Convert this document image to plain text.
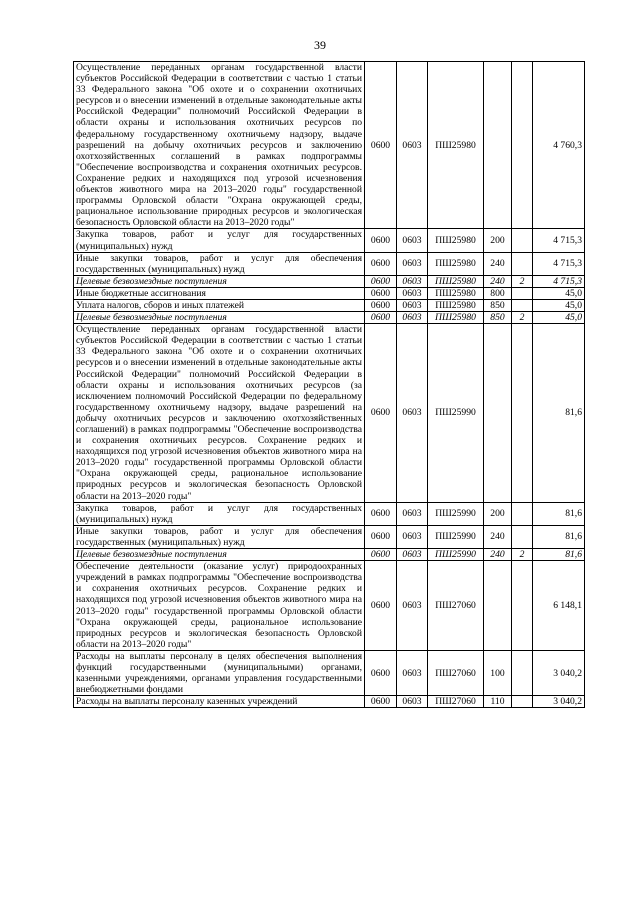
39
Осуществление переданных органам государственной власти субъектов Российской Федерации в соответствии с частью 1 статьи 33 Федерального закона "Об охоте и о сохранении охотничьих ресурсов и о внесении изменений в отдельные законодательные акты Российской Федерации" полномочий Российской Федерации в области охраны и использования охотничьих ресурсов по федеральному государственному охотничьему надзору, выдаче разрешений на добычу охотничьих ресурсов и заключению охотхозяйственных соглашений в рамках подпрограммы "Обеспечение воспроизводства и сохранения охотничьих ресурсов. Сохранение редких и находящихся под угрозой исчезновения объектов животного мира на 2013–2020 годы" государственной программы Орловской области "Охрана окружающей среды, рациональное использование природных ресурсов и экологическая безопасность Орловской области на 2013–2020 годы"	0600	0603	ПШ25980			4 760,3
Закупка товаров, работ и услуг для государственных (муниципальных) нужд	0600	0603	ПШ25980	200		4 715,3
Иные закупки товаров, работ и услуг для обеспечения государственных (муниципальных) нужд	0600	0603	ПШ25980	240		4 715,3
Целевые безвозмездные поступления	0600	0603	ПШ25980	240	2	4 715,3
Иные бюджетные ассигнования	0600	0603	ПШ25980	800		45,0
Уплата налогов, сборов и иных платежей	0600	0603	ПШ25980	850		45,0
Целевые безвозмездные поступления	0600	0603	ПШ25980	850	2	45,0
Осуществление переданных органам государственной власти субъектов Российской Федерации в соответствии с частью 1 статьи 33 Федерального закона "Об охоте и о сохранении охотничьих ресурсов и о внесении изменений в отдельные законодательные акты Российской Федерации" полномочий Российской Федерации в области охраны и использования охотничьих ресурсов (за исключением полномочий Российской Федерации по федеральному государственному охотничьему надзору, выдаче разрешений на добычу охотничьих ресурсов и заключению охотхозяйственных соглашений) в рамках подпрограммы "Обеспечение воспроизводства и сохранения охотничьих ресурсов. Сохранение редких и находящихся под угрозой исчезновения объектов животного мира на 2013–2020 годы" государственной программы Орловской области "Охрана окружающей среды, рациональное использование природных ресурсов и экологическая безопасность Орловской области на 2013–2020 годы"	0600	0603	ПШ25990			81,6
Закупка товаров, работ и услуг для государственных (муниципальных) нужд	0600	0603	ПШ25990	200		81,6
Иные закупки товаров, работ и услуг для обеспечения государственных (муниципальных) нужд	0600	0603	ПШ25990	240		81,6
Целевые безвозмездные поступления	0600	0603	ПШ25990	240	2	81,6
Обеспечение деятельности (оказание услуг) природоохранных учреждений в рамках подпрограммы "Обеспечение воспроизводства и сохранения охотничьих ресурсов. Сохранение редких и находящихся под угрозой исчезновения объектов животного мира на 2013–2020 годы" государственной программы Орловской области "Охрана окружающей среды, рациональное использование природных ресурсов и экологическая безопасность Орловской области на 2013–2020 годы"	0600	0603	ПШ27060			6 148,1
Расходы на выплаты персоналу в целях обеспечения выполнения функций государственными (муниципальными) органами, казенными учреждениями, органами управления государственными внебюджетными фондами	0600	0603	ПШ27060	100		3 040,2
Расходы на выплаты персоналу казенных учреждений	0600	0603	ПШ27060	110		3 040,2
